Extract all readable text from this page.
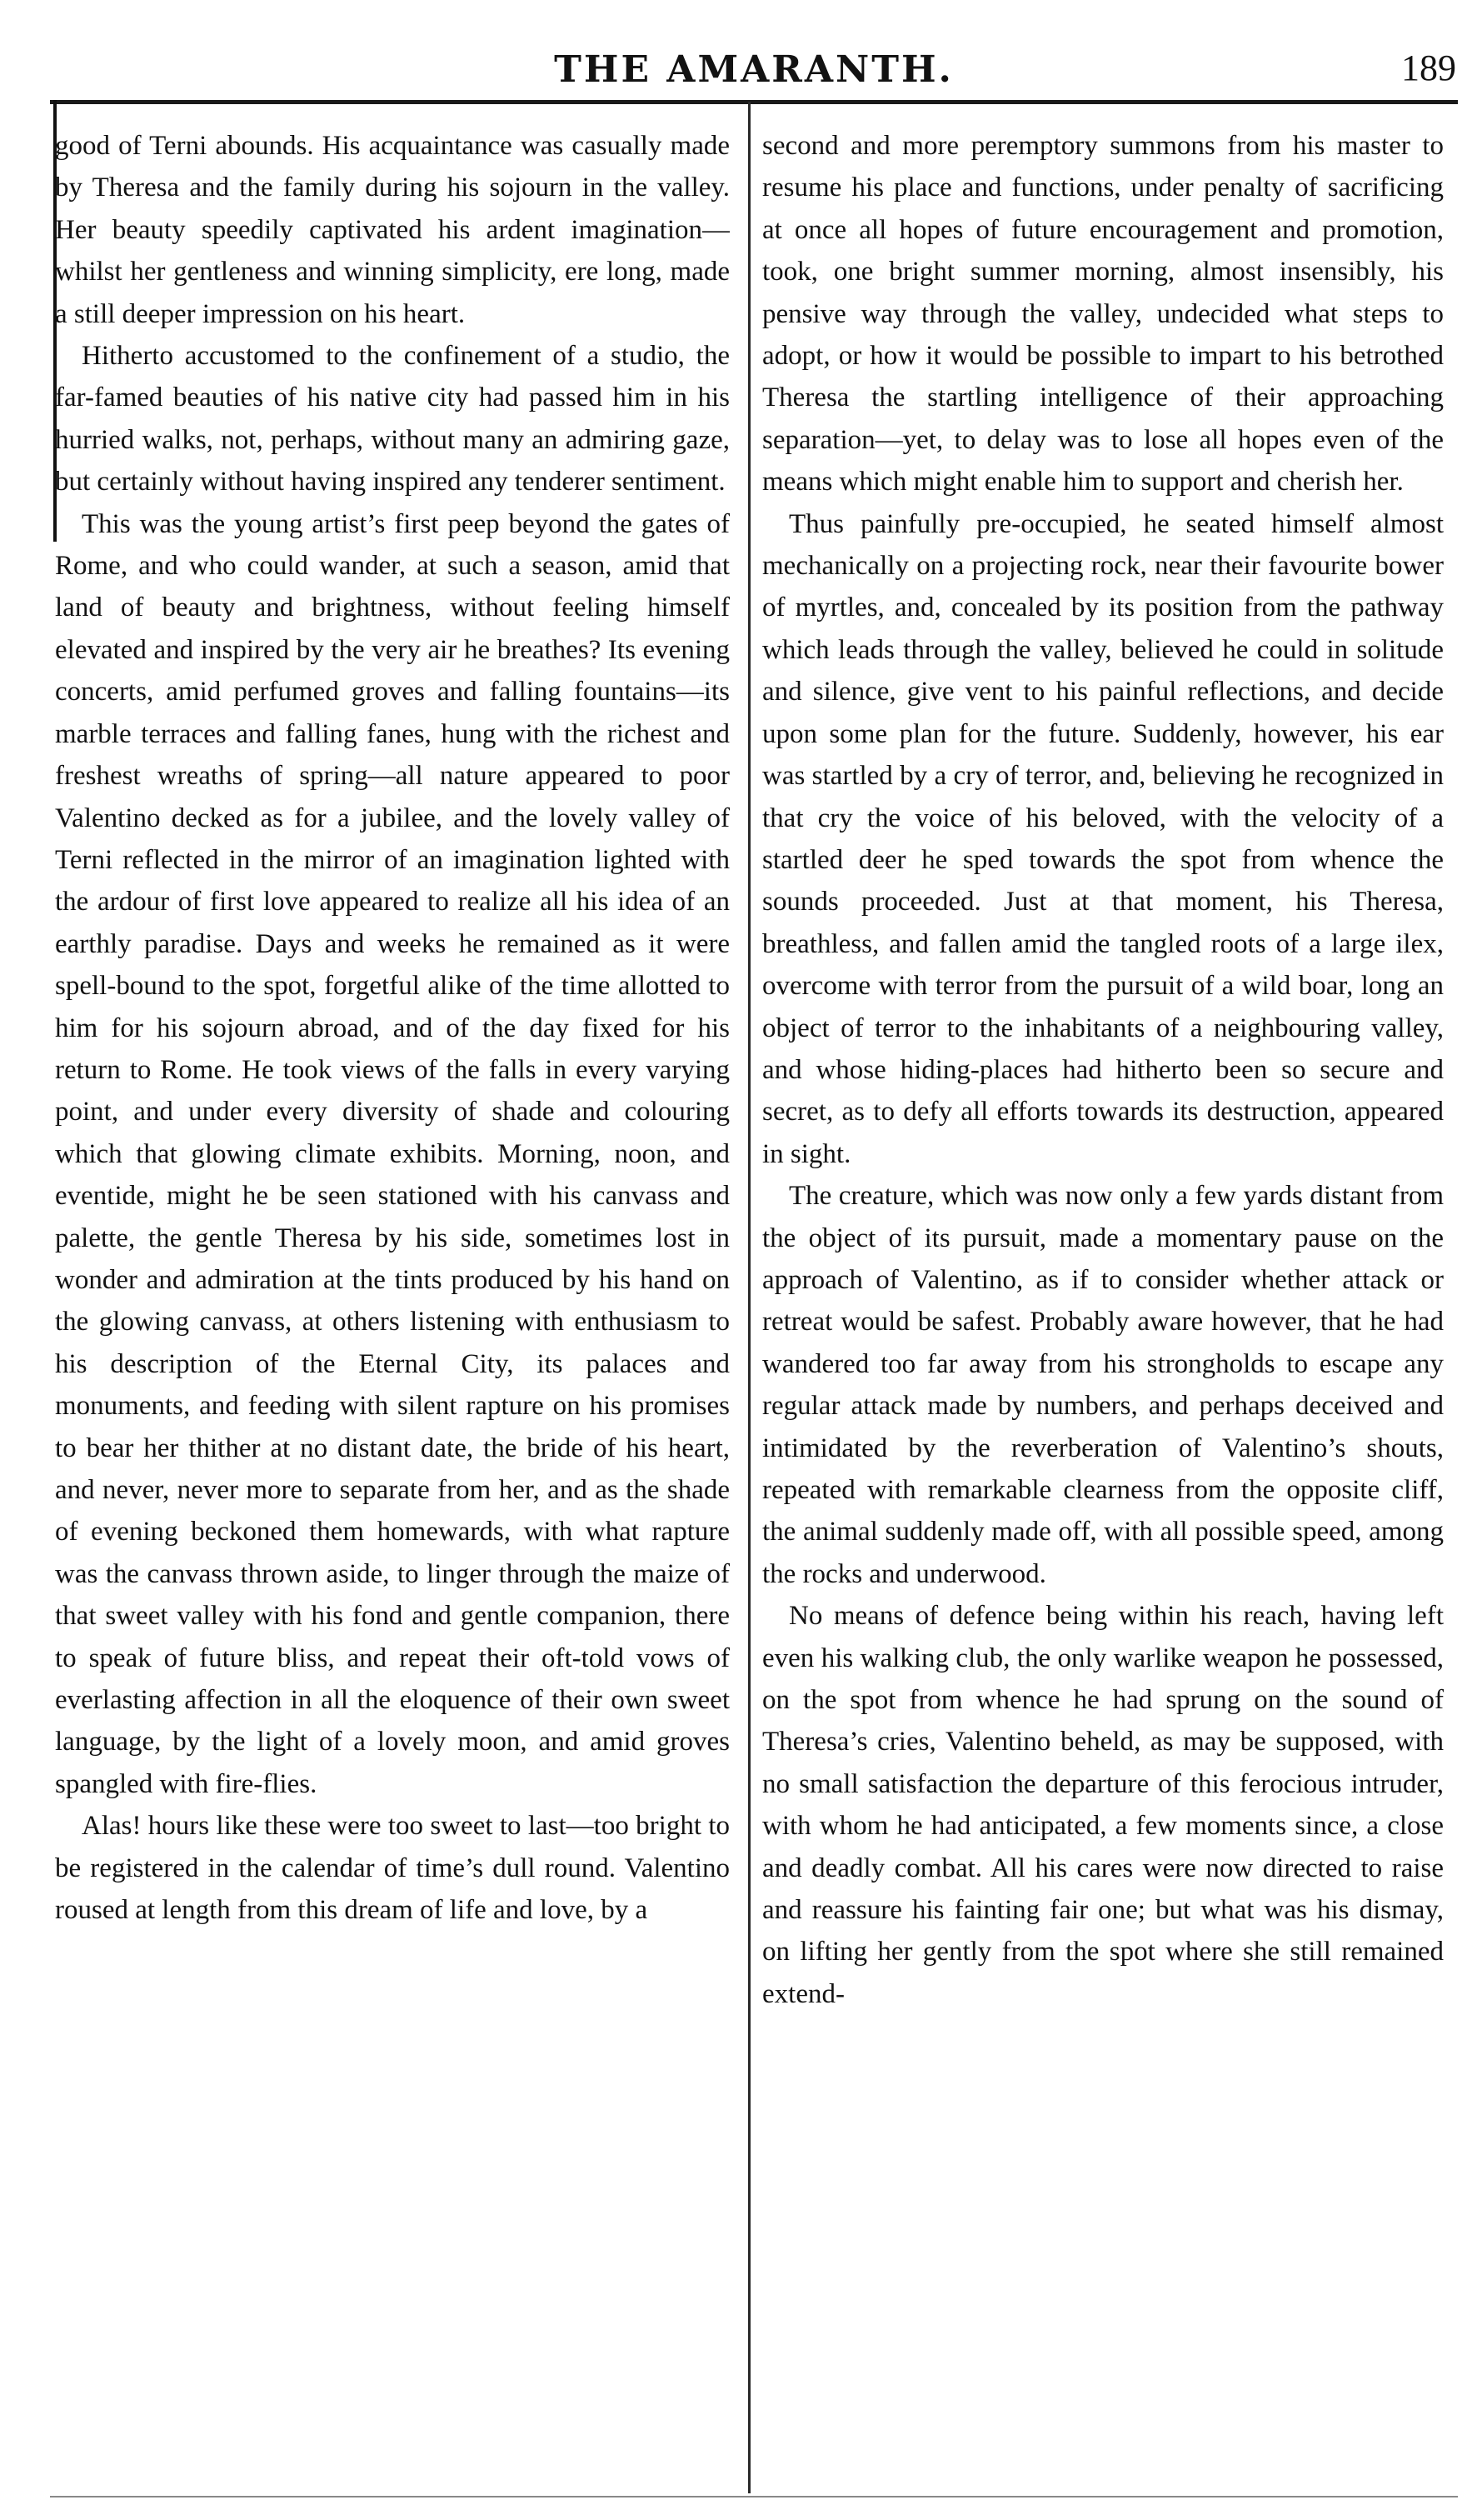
THE AMARANTH.	189

good of Terni abounds. His acquaintance was casually made by Theresa and the family during his sojourn in the valley. Her beauty speedily captivated his ardent imagination—whilst her gentleness and winning simplicity, ere long, made a still deeper impression on his heart.

Hitherto accustomed to the confinement of a studio, the far-famed beauties of his native city had passed him in his hurried walks, not, perhaps, without many an admiring gaze, but certainly without having inspired any tenderer sentiment.

This was the young artist’s first peep beyond the gates of Rome, and who could wander, at such a season, amid that land of beauty and brightness, without feeling himself elevated and inspired by the very air he breathes? Its evening concerts, amid perfumed groves and falling fountains—its marble terraces and falling fanes, hung with the richest and freshest wreaths of spring—all nature appeared to poor Valentino decked as for a jubilee, and the lovely valley of Terni reflected in the mirror of an imagination lighted with the ardour of first love appeared to realize all his idea of an earthly paradise. Days and weeks he remained as it were spell-bound to the spot, forgetful alike of the time allotted to him for his sojourn abroad, and of the day fixed for his return to Rome. He took views of the falls in every varying point, and under every diversity of shade and colouring which that glowing climate exhibits. Morning, noon, and eventide, might he be seen stationed with his canvass and palette, the gentle Theresa by his side, sometimes lost in wonder and admiration at the tints produced by his hand on the glowing canvass, at others listening with enthusiasm to his description of the Eternal City, its palaces and monuments, and feeding with silent rapture on his promises to bear her thither at no distant date, the bride of his heart, and never, never more to separate from her, and as the shade of evening beckoned them homewards, with what rapture was the canvass thrown aside, to linger through the maize of that sweet valley with his fond and gentle companion, there to speak of future bliss, and repeat their oft-told vows of everlasting affection in all the eloquence of their own sweet language, by the light of a lovely moon, and amid groves spangled with fire-flies.

Alas! hours like these were too sweet to last—too bright to be registered in the calendar of time’s dull round. Valentino roused at length from this dream of life and love, by a

second and more peremptory summons from his master to resume his place and functions, under penalty of sacrificing at once all hopes of future encouragement and promotion, took, one bright summer morning, almost insensibly, his pensive way through the valley, undecided what steps to adopt, or how it would be possible to impart to his betrothed Theresa the startling intelligence of their approaching separation—yet, to delay was to lose all hopes even of the means which might enable him to support and cherish her.

Thus painfully pre-occupied, he seated himself almost mechanically on a projecting rock, near their favourite bower of myrtles, and, concealed by its position from the pathway which leads through the valley, believed he could in solitude and silence, give vent to his painful reflections, and decide upon some plan for the future. Suddenly, however, his ear was startled by a cry of terror, and, believing he recognized in that cry the voice of his beloved, with the velocity of a startled deer he sped towards the spot from whence the sounds proceeded. Just at that moment, his Theresa, breathless, and fallen amid the tangled roots of a large ilex, overcome with terror from the pursuit of a wild boar, long an object of terror to the inhabitants of a neighbouring valley, and whose hiding-places had hitherto been so secure and secret, as to defy all efforts towards its destruction, appeared in sight.

The creature, which was now only a few yards distant from the object of its pursuit, made a momentary pause on the approach of Valentino, as if to consider whether attack or retreat would be safest. Probably aware however, that he had wandered too far away from his strongholds to escape any regular attack made by numbers, and perhaps deceived and intimidated by the reverberation of Valentino’s shouts, repeated with remarkable clearness from the opposite cliff, the animal suddenly made off, with all possible speed, among the rocks and underwood.

No means of defence being within his reach, having left even his walking club, the only warlike weapon he possessed, on the spot from whence he had sprung on the sound of Theresa’s cries, Valentino beheld, as may be supposed, with no small satisfaction the departure of this ferocious intruder, with whom he had anticipated, a few moments since, a close and deadly combat. All his cares were now directed to raise and reassure his fainting fair one; but what was his dismay, on lifting her gently from the spot where she still remained extend-
